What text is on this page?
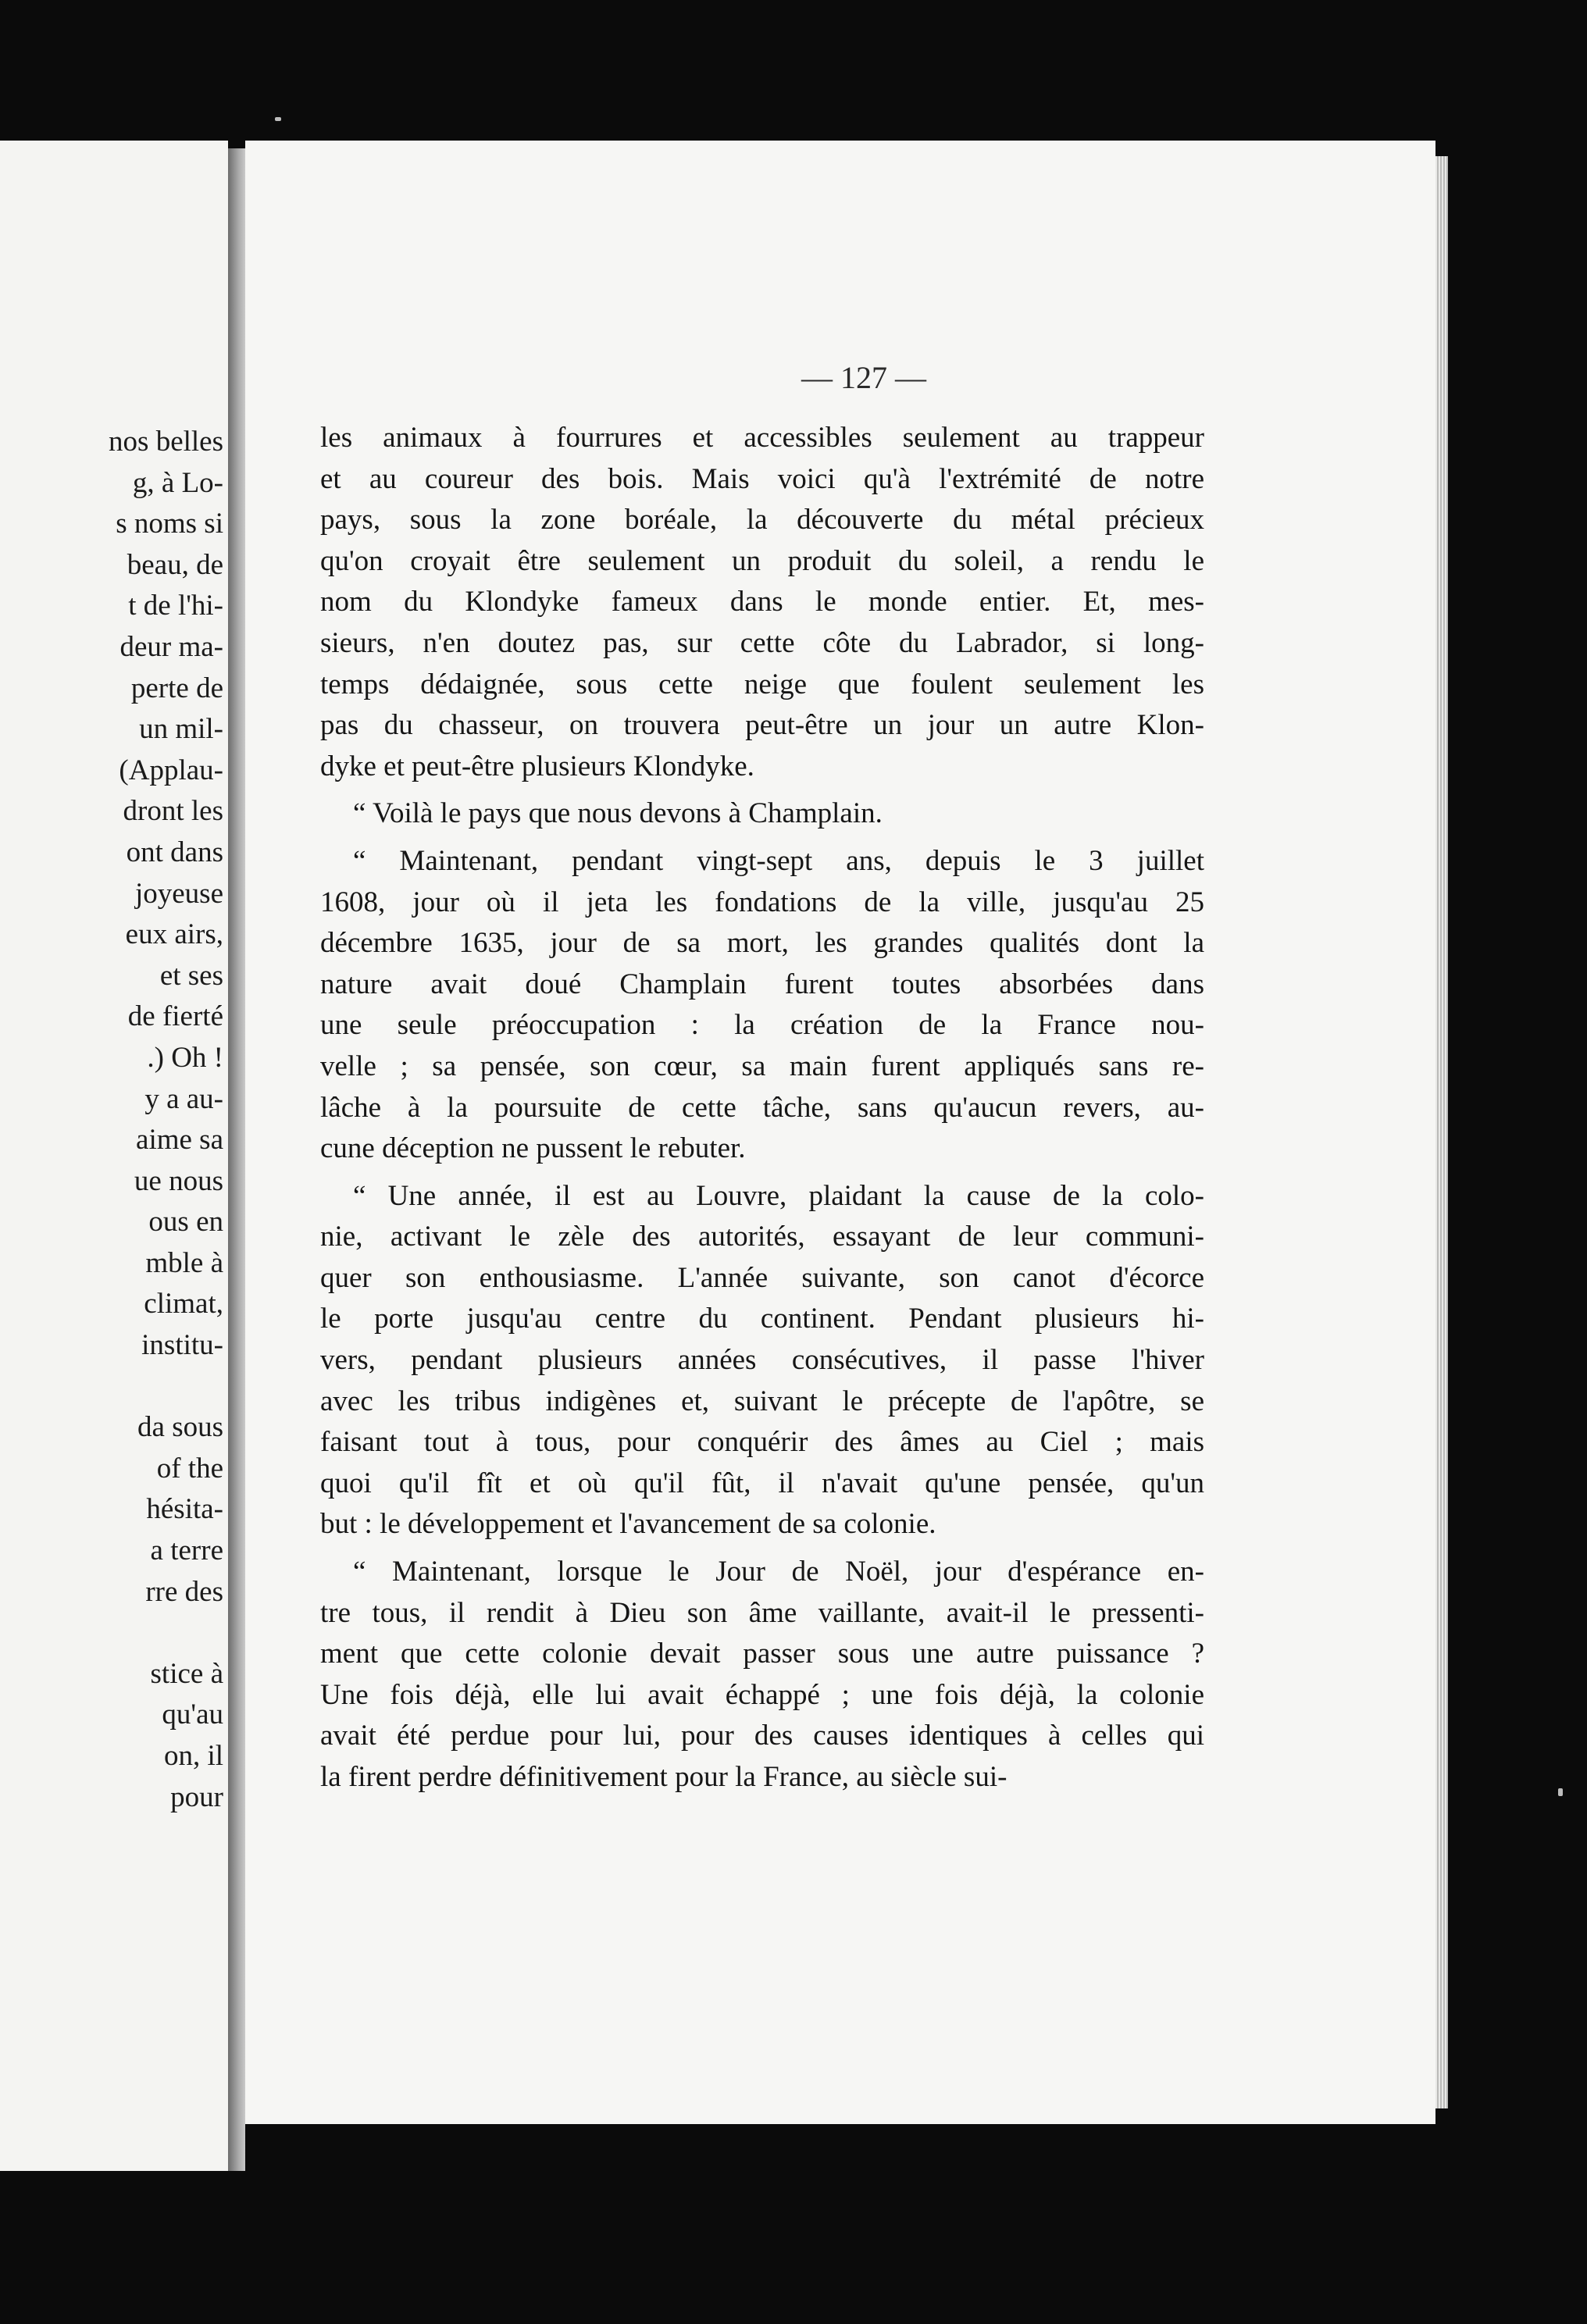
nos belles
g, à Lo-
s noms si
beau, de
t de l'hi-
deur ma-
perte de
un mil-
(Applau-
dront les
ont dans
joyeuse
eux airs,
et ses
de fierté
.) Oh !
y a au-
aime sa
ue nous
ous en
mble à
climat,
institu-
da sous
of the
hésita-
a terre
rre des
stice à
qu'au
on, il
pour
— 127 —
les animaux à fourrures et accessibles seulement au trappeur
et au coureur des bois. Mais voici qu'à l'extrémité de notre
pays, sous la zone boréale, la découverte du métal précieux
qu'on croyait être seulement un produit du soleil, a rendu le
nom du Klondyke fameux dans le monde entier. Et, mes-
sieurs, n'en doutez pas, sur cette côte du Labrador, si long-
temps dédaignée, sous cette neige que foulent seulement les
pas du chasseur, on trouvera peut-être un jour un autre Klon-
dyke et peut-être plusieurs Klondyke.
“ Voilà le pays que nous devons à Champlain.
“ Maintenant, pendant vingt-sept ans, depuis le 3 juillet
1608, jour où il jeta les fondations de la ville, jusqu'au 25
décembre 1635, jour de sa mort, les grandes qualités dont la
nature avait doué Champlain furent toutes absorbées dans
une seule préoccupation : la création de la France nou-
velle ; sa pensée, son cœur, sa main furent appliqués sans re-
lâche à la poursuite de cette tâche, sans qu'aucun revers, au-
cune déception ne pussent le rebuter.
“ Une année, il est au Louvre, plaidant la cause de la colo-
nie, activant le zèle des autorités, essayant de leur communi-
quer son enthousiasme. L'année suivante, son canot d'écorce
le porte jusqu'au centre du continent. Pendant plusieurs hi-
vers, pendant plusieurs années consécutives, il passe l'hiver
avec les tribus indigènes et, suivant le précepte de l'apôtre, se
faisant tout à tous, pour conquérir des âmes au Ciel ; mais
quoi qu'il fît et où qu'il fût, il n'avait qu'une pensée, qu'un
but : le développement et l'avancement de sa colonie.
“ Maintenant, lorsque le Jour de Noël, jour d'espérance en-
tre tous, il rendit à Dieu son âme vaillante, avait-il le pressenti-
ment que cette colonie devait passer sous une autre puissance ?
Une fois déjà, elle lui avait échappé ; une fois déjà, la colonie
avait été perdue pour lui, pour des causes identiques à celles qui
la firent perdre définitivement pour la France, au siècle sui-
